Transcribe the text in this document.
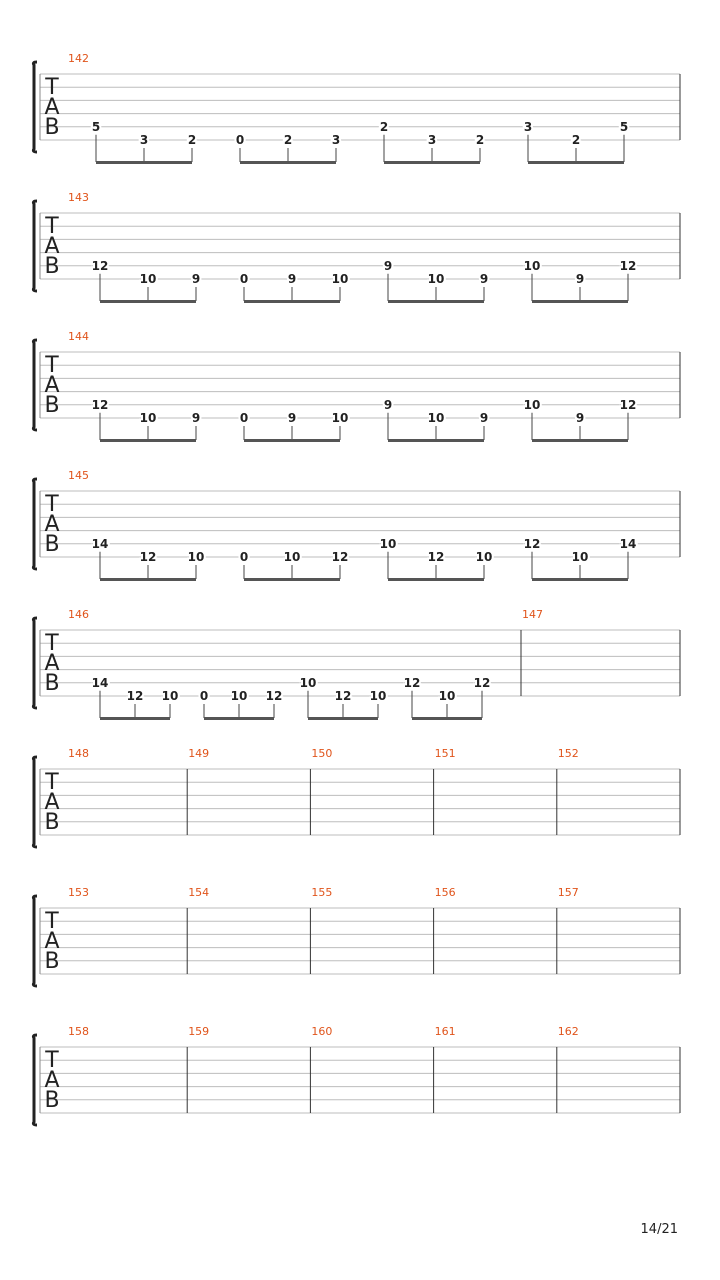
T
A
B
142
5
3	2	0	2	3
2
3	2
3
2
5
T
A
B
143
12
10	9	0	9	10
9
10	9
10
9
12
T
A
B
144
12
10	9	0	9	10
9
10	9
10
9
12
T
A
B
145
14
12	10	0	10	12
10
12	10
12
10
14
T
A
B
146
14
12 10 0 10 12
10
12 10
12
10
12
147
T
A
B
148	149	150	151	152
T
A
B
153	154	155	156	157
T
A
B
158	159	160	161	162
14/21
